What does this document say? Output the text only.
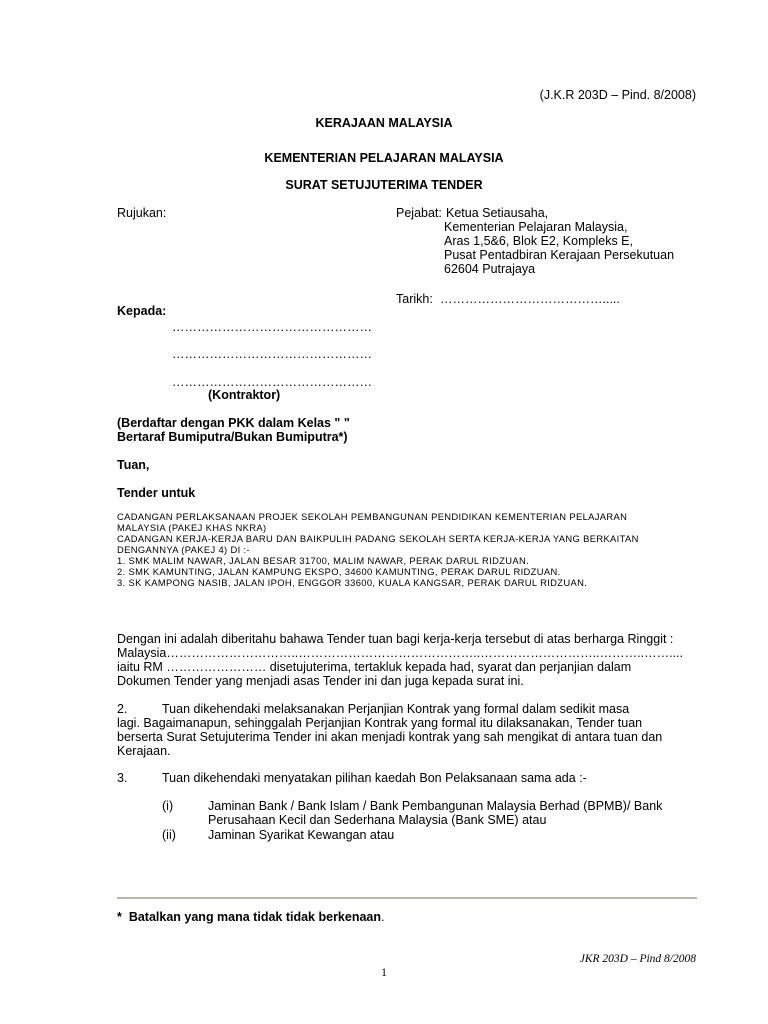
(J.K.R 203D – Pind. 8/2008)
KERAJAAN MALAYSIA
KEMENTERIAN PELAJARAN MALAYSIA
SURAT SETUJUTERIMA TENDER
Rujukan:	Pejabat: Ketua Setiausaha,
Kementerian Pelajaran Malaysia,
Aras 1,5&6, Blok E2, Kompleks E,
Pusat Pentadbiran Kerajaan Persekutuan
62604 Putrajaya
Tarikh: ………………………………….....
Kepada:
…………………………………………
…………………………………………
…………………………………………
(Kontraktor)
(Berdaftar dengan PKK dalam Kelas " "
Bertaraf Bumiputra/Bukan Bumiputra*)
Tuan,
Tender untuk
CADANGAN PERLAKSANAAN PROJEK SEKOLAH PEMBANGUNAN PENDIDIKAN KEMENTERIAN PELAJARAN
MALAYSIA (PAKEJ KHAS NKRA)
CADANGAN KERJA-KERJA BARU DAN BAIKPULIH PADANG SEKOLAH SERTA KERJA-KERJA YANG BERKAITAN
DENGANNYA (PAKEJ 4) DI :-
1. SMK MALIM NAWAR, JALAN BESAR 31700, MALIM NAWAR, PERAK DARUL RIDZUAN.
2. SMK KAMUNTING, JALAN KAMPUNG EKSPO, 34600 KAMUNTING, PERAK DARUL RIDZUAN.
3. SK KAMPONG NASIB, JALAN IPOH, ENGGOR 33600, KUALA KANGSAR, PERAK DARUL RIDZUAN.
Dengan ini adalah diberitahu bahawa Tender tuan bagi kerja-kerja tersebut di atas berharga Ringgit :
Malaysia…………………………..……………………………………..………………………..………..……....
iaitu RM …………………… disetujuterima, tertakluk kepada had, syarat dan perjanjian dalam
Dokumen Tender yang menjadi asas Tender ini dan juga kepada surat ini.
2.	Tuan dikehendaki melaksanakan Perjanjian Kontrak yang formal dalam sedikit masa
lagi. Bagaimanapun, sehinggalah Perjanjian Kontrak yang formal itu dilaksanakan, Tender tuan
berserta Surat Setujuterima Tender ini akan menjadi kontrak yang sah mengikat di antara tuan dan
Kerajaan.
3.	Tuan dikehendaki menyatakan pilihan kaedah Bon Pelaksanaan sama ada :-
(i)	Jaminan Bank / Bank Islam / Bank Pembangunan Malaysia Berhad (BPMB)/ Bank
Perusahaan Kecil dan Sederhana Malaysia (Bank SME) atau
(ii)	Jaminan Syarikat Kewangan atau
* Batalkan yang mana tidak tidak berkenaan.
JKR 203D – Pind 8/2008
1
